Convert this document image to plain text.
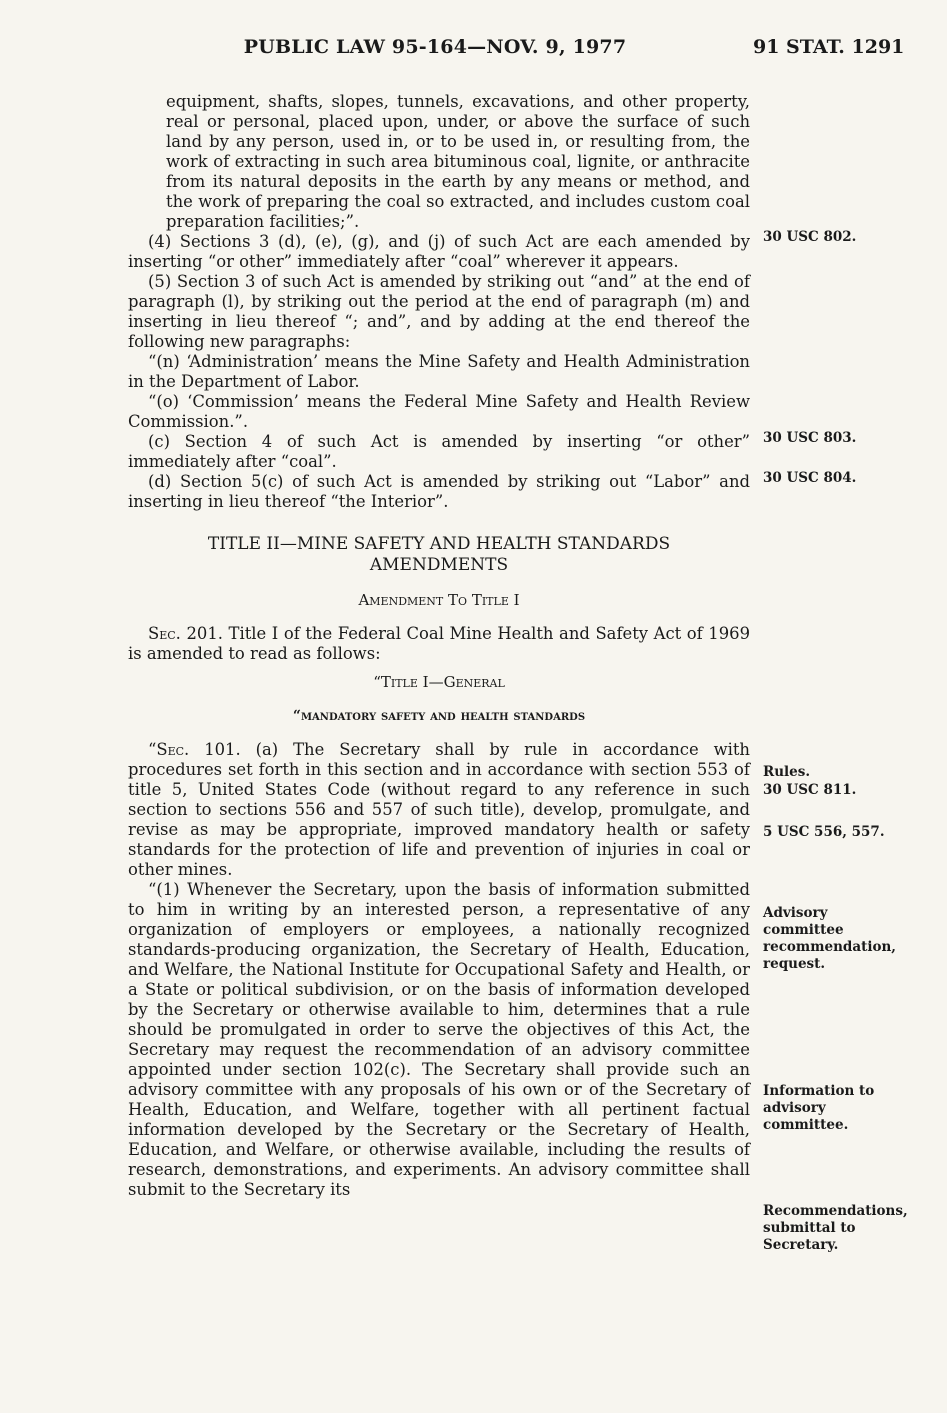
PUBLIC LAW 95-164—NOV. 9, 1977	91 STAT. 1291

equipment, shafts, slopes, tunnels, excavations, and other property, real or personal, placed upon, under, or above the surface of such land by any person, used in, or to be used in, or resulting from, the work of extracting in such area bituminous coal, lignite, or anthracite from its natural deposits in the earth by any means or method, and the work of preparing the coal so extracted, and includes custom coal preparation facilities;”.

(4) Sections 3 (d), (e), (g), and (j) of such Act are each amended by inserting “or other” immediately after “coal” wherever it appears.

(5) Section 3 of such Act is amended by striking out “and” at the end of paragraph (l), by striking out the period at the end of paragraph (m) and inserting in lieu thereof “; and”, and by adding at the end thereof the following new paragraphs:

“(n) ‘Administration’ means the Mine Safety and Health Administration in the Department of Labor.

“(o) ‘Commission’ means the Federal Mine Safety and Health Review Commission.”.

(c) Section 4 of such Act is amended by inserting “or other” immediately after “coal”.

(d) Section 5(c) of such Act is amended by striking out “Labor” and inserting in lieu thereof “the Interior”.

TITLE II—MINE SAFETY AND HEALTH STANDARDS
AMENDMENTS
Amendment To Title I

Sec. 201. Title I of the Federal Coal Mine Health and Safety Act of 1969 is amended to read as follows:

“Title I—General
“mandatory safety and health standards

“Sec. 101. (a) The Secretary shall by rule in accordance with procedures set forth in this section and in accordance with section 553 of title 5, United States Code (without regard to any reference in such section to sections 556 and 557 of such title), develop, promulgate, and revise as may be appropriate, improved mandatory health or safety standards for the protection of life and prevention of injuries in coal or other mines.

“(1) Whenever the Secretary, upon the basis of information submitted to him in writing by an interested person, a representative of any organization of employers or employees, a nationally recognized standards-producing organization, the Secretary of Health, Education, and Welfare, the National Institute for Occupational Safety and Health, or a State or political subdivision, or on the basis of information developed by the Secretary or otherwise available to him, determines that a rule should be promulgated in order to serve the objectives of this Act, the Secretary may request the recommendation of an advisory committee appointed under section 102(c). The Secretary shall provide such an advisory committee with any proposals of his own or of the Secretary of Health, Education, and Welfare, together with all pertinent factual information developed by the Secretary or the Secretary of Health, Education, and Welfare, or otherwise available, including the results of research, demonstrations, and experiments. An advisory committee shall submit to the Secretary its

30 USC 802.
30 USC 803.
30 USC 804.
Rules.
30 USC 811.
5 USC 556, 557.
Advisory committee recommendation, request.
Information to advisory committee.
Recommendations, submittal to Secretary.
